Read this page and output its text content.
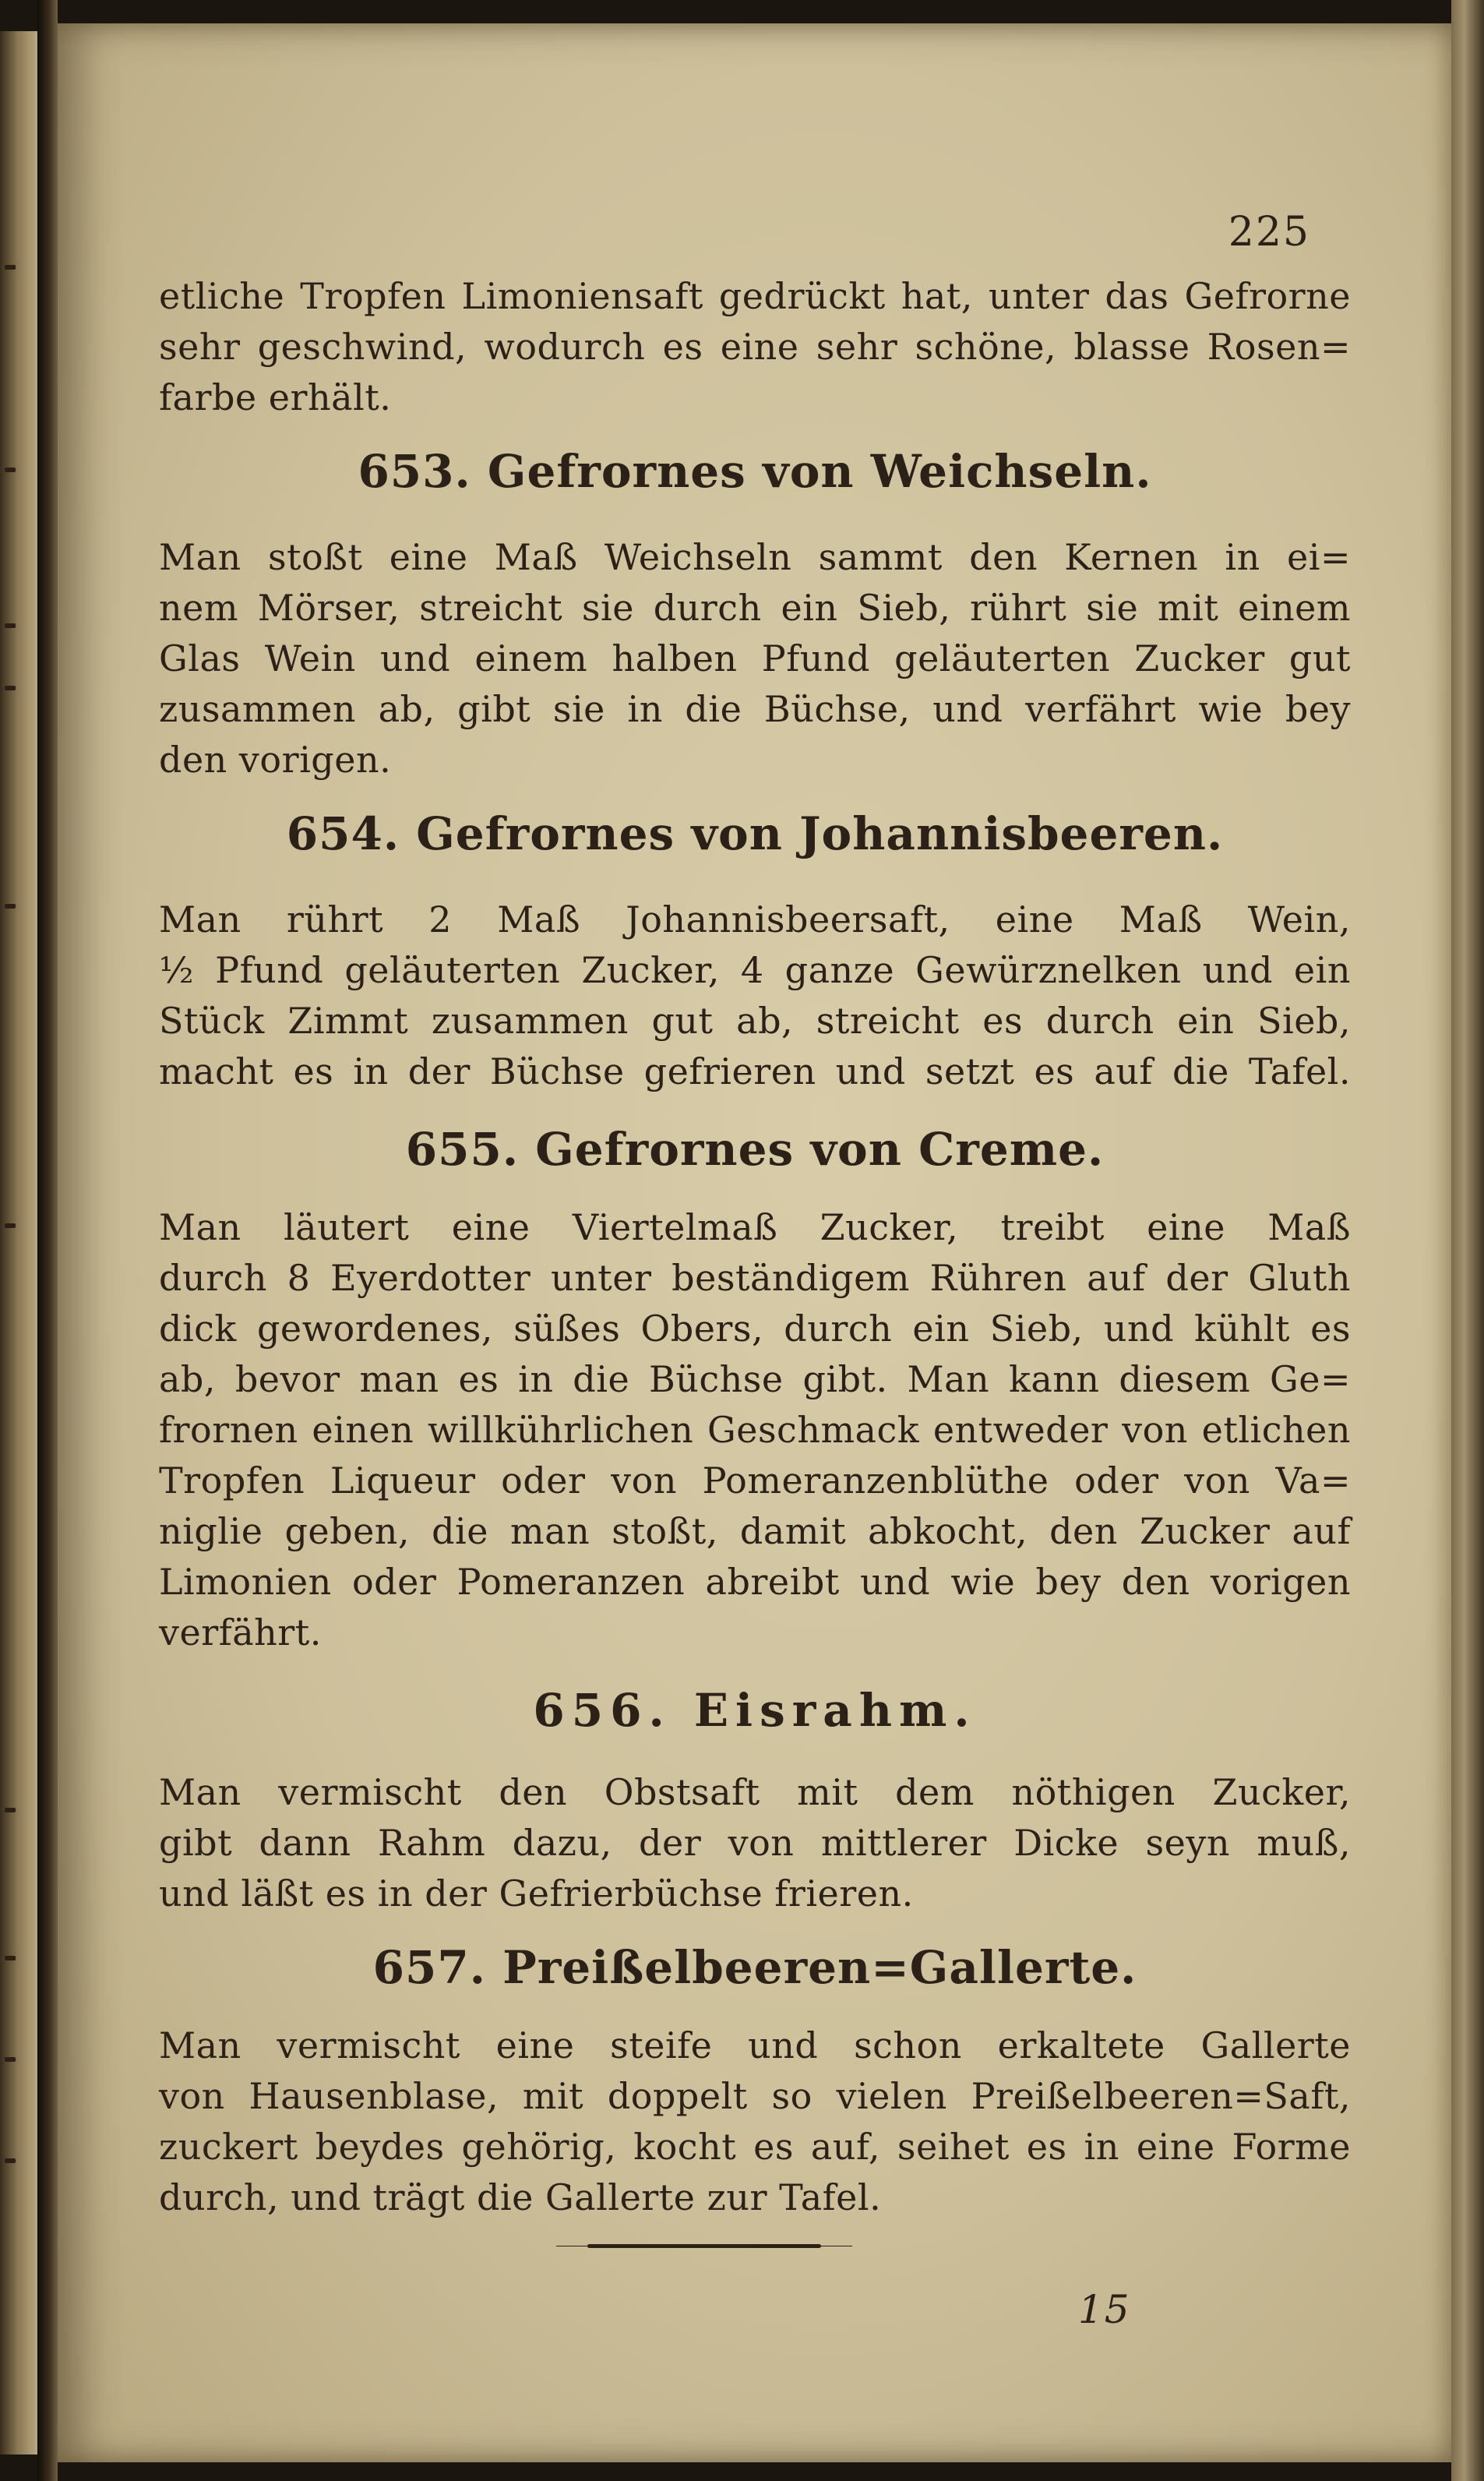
225
etliche Tropfen Limoniensaft gedrückt hat, unter das Gefrorne
sehr geschwind, wodurch es eine sehr schöne, blasse Rosen=
farbe erhält.
653. Gefrornes von Weichseln.
Man stoßt eine Maß Weichseln sammt den Kernen in ei=
nem Mörser, streicht sie durch ein Sieb, rührt sie mit einem
Glas Wein und einem halben Pfund geläuterten Zucker gut
zusammen ab, gibt sie in die Büchse, und verfährt wie bey
den vorigen.
654. Gefrornes von Johannisbeeren.
Man rührt 2 Maß Johannisbeersaft, eine Maß Wein,
½ Pfund geläuterten Zucker, 4 ganze Gewürznelken und ein
Stück Zimmt zusammen gut ab, streicht es durch ein Sieb,
macht es in der Büchse gefrieren und setzt es auf die Tafel.
655. Gefrornes von Creme.
Man läutert eine Viertelmaß Zucker, treibt eine Maß
durch 8 Eyerdotter unter beständigem Rühren auf der Gluth
dick gewordenes, süßes Obers, durch ein Sieb, und kühlt es
ab, bevor man es in die Büchse gibt. Man kann diesem Ge=
frornen einen willkührlichen Geschmack entweder von etlichen
Tropfen Liqueur oder von Pomeranzenblüthe oder von Va=
niglie geben, die man stoßt, damit abkocht, den Zucker auf
Limonien oder Pomeranzen abreibt und wie bey den vorigen
verfährt.
656. Eisrahm.
Man vermischt den Obstsaft mit dem nöthigen Zucker,
gibt dann Rahm dazu, der von mittlerer Dicke seyn muß,
und läßt es in der Gefrierbüchse frieren.
657. Preißelbeeren=Gallerte.
Man vermischt eine steife und schon erkaltete Gallerte
von Hausenblase, mit doppelt so vielen Preißelbeeren=Saft,
zuckert beydes gehörig, kocht es auf, seihet es in eine Forme
durch, und trägt die Gallerte zur Tafel.
15
